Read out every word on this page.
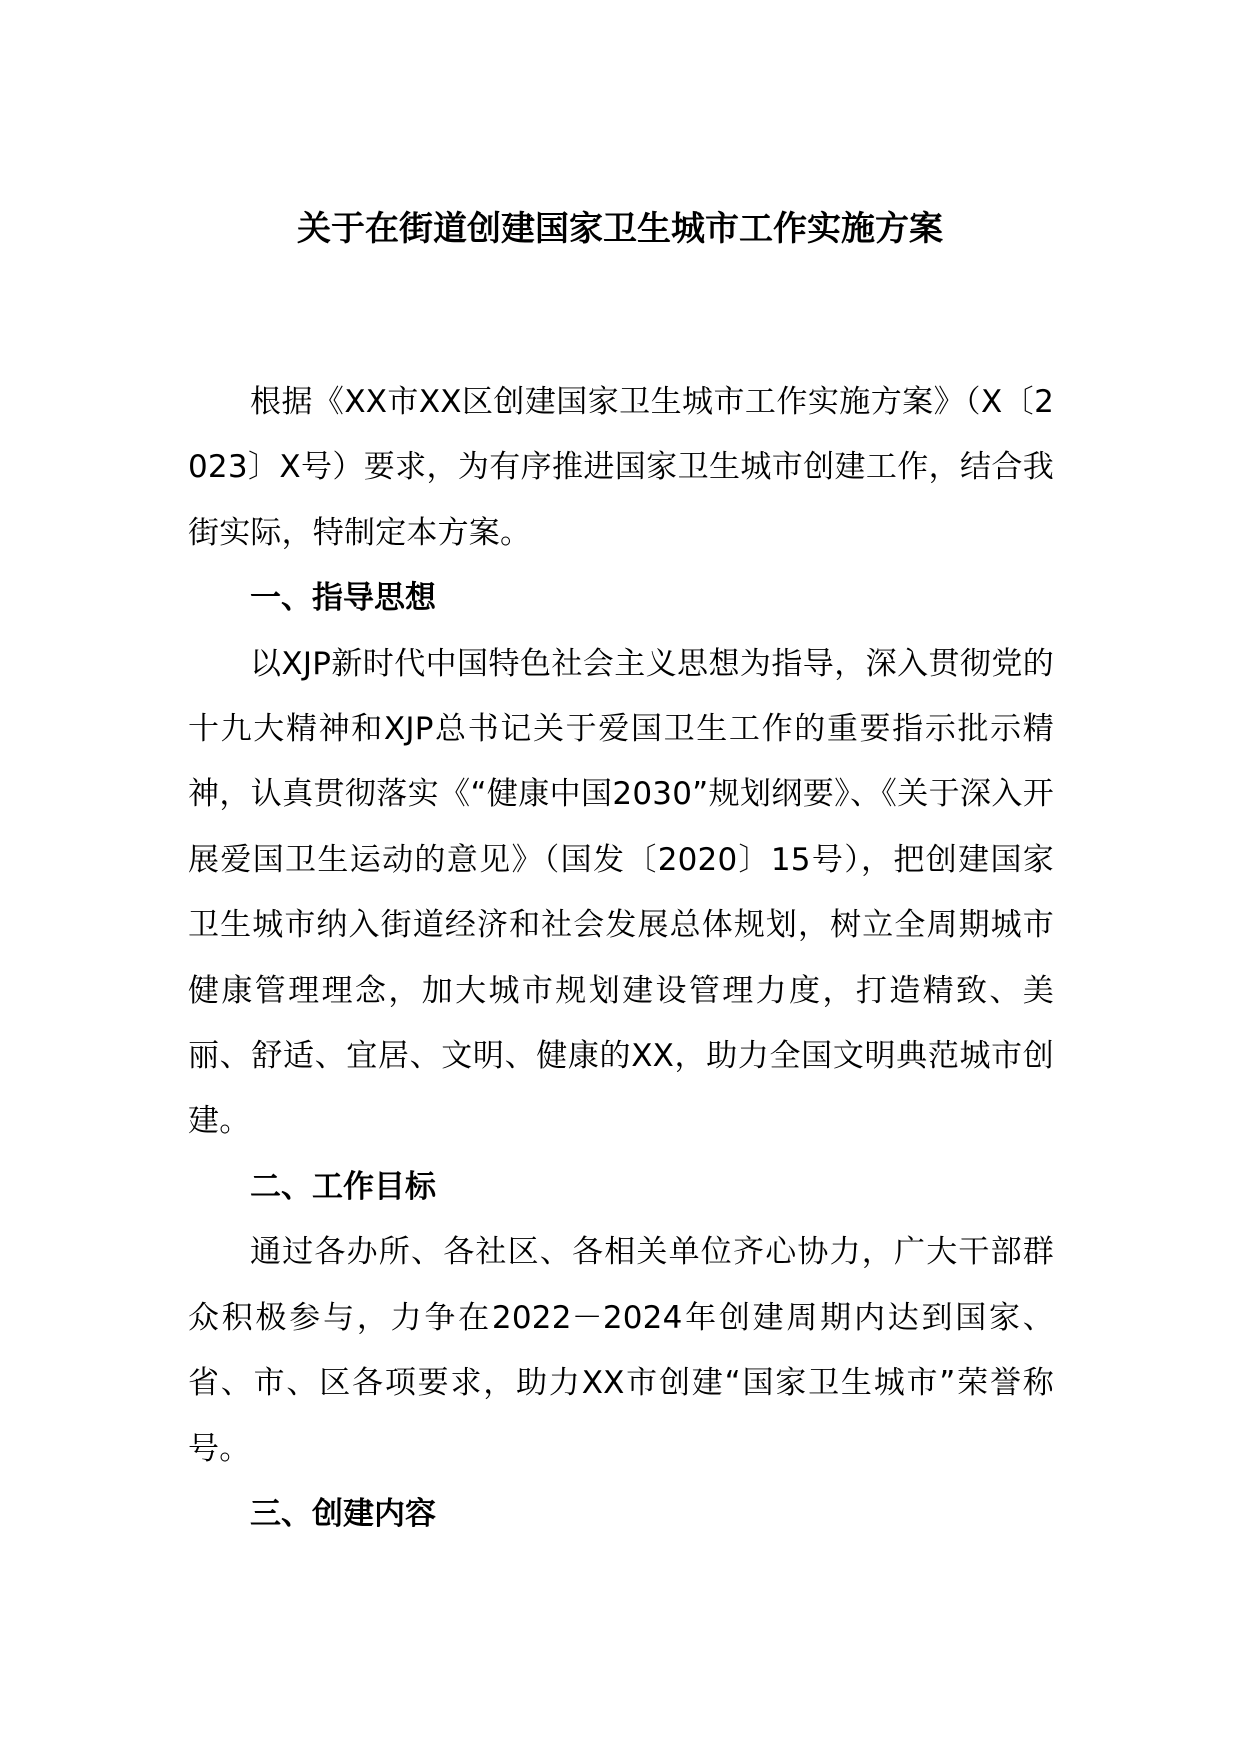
关于在街道创建国家卫生城市工作实施方案

根据《XX市XX区创建国家卫生城市工作实施方案》（X〔2023〕X号）要求，为有序推进国家卫生城市创建工作，结合我街实际，特制定本方案。

一、指导思想

以XJP新时代中国特色社会主义思想为指导，深入贯彻党的十九大精神和XJP总书记关于爱国卫生工作的重要指示批示精神，认真贯彻落实《“健康中国2030”规划纲要》、《关于深入开展爱国卫生运动的意见》（国发〔2020〕15号），把创建国家卫生城市纳入街道经济和社会发展总体规划，树立全周期城市健康管理理念，加大城市规划建设管理力度，打造精致、美丽、舒适、宜居、文明、健康的XX，助力全国文明典范城市创建。

二、工作目标

通过各办所、各社区、各相关单位齐心协力，广大干部群众积极参与，力争在2022－2024年创建周期内达到国家、省、市、区各项要求，助力XX市创建“国家卫生城市”荣誉称号。

三、创建内容
